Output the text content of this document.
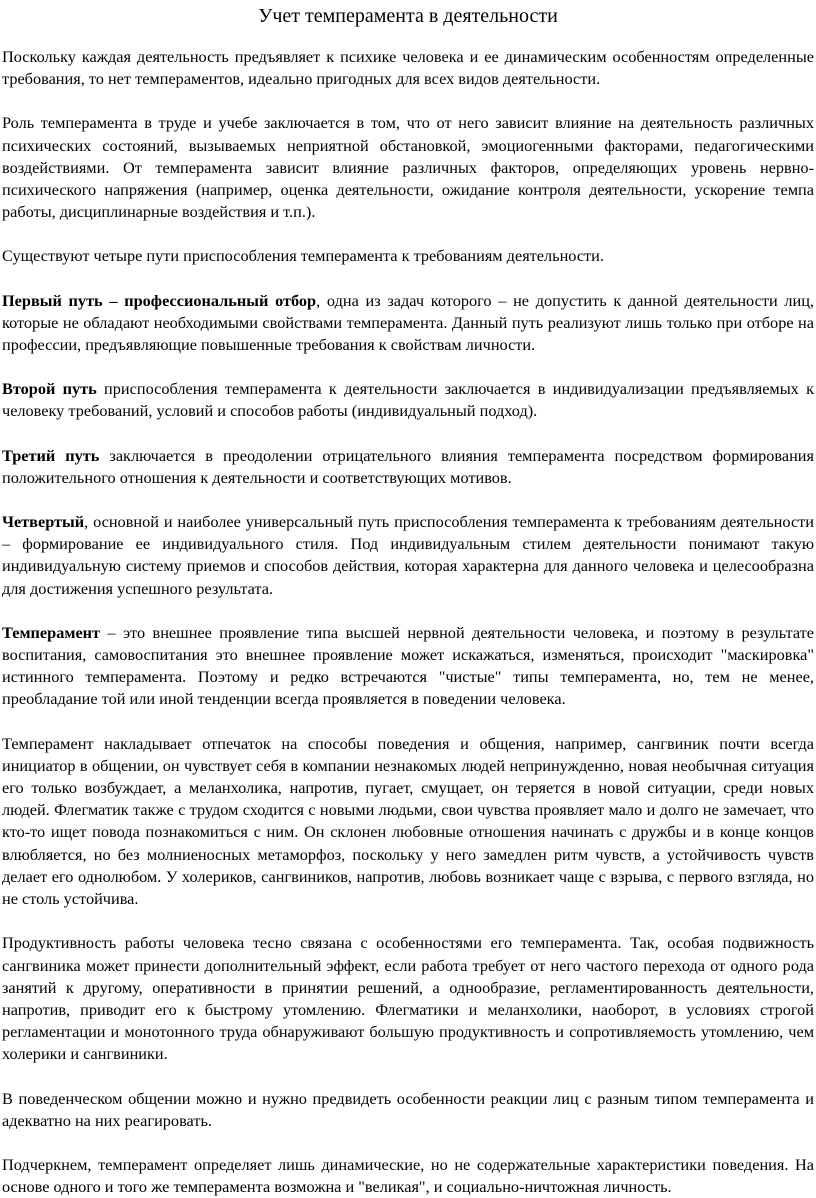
Учет темперамента в деятельности

Поскольку каждая деятельность предъявляет к психике человека и ее динамическим особенностям определенные требования, то нет темпераментов, идеально пригодных для всех видов деятельности.

Роль темперамента в труде и учебе заключается в том, что от него зависит влияние на деятельность различных психических состояний, вызываемых неприятной обстановкой, эмоциогенными факторами, педагогическими воздействиями. От темперамента зависит влияние различных факторов, определяющих уровень нервно-психического напряжения (например, оценка деятельности, ожидание контроля деятельности, ускорение темпа работы, дисциплинарные воздействия и т.п.).

Существуют четыре пути приспособления темперамента к требованиям деятельности.

Первый путь – профессиональный отбор, одна из задач которого – не допустить к данной деятельности лиц, которые не обладают необходимыми свойствами темперамента. Данный путь реализуют лишь только при отборе на профессии, предъявляющие повышенные требования к свойствам личности.

Второй путь приспособления темперамента к деятельности заключается в индивидуализации предъявляемых к человеку требований, условий и способов работы (индивидуальный подход).

Третий путь заключается в преодолении отрицательного влияния темперамента посредством формирования положительного отношения к деятельности и соответствующих мотивов.

Четвертый, основной и наиболее универсальный путь приспособления темперамента к требованиям деятельности – формирование ее индивидуального стиля. Под индивидуальным стилем деятельности понимают такую индивидуальную систему приемов и способов действия, которая характерна для данного человека и целесообразна для достижения успешного результата.

Темперамент – это внешнее проявление типа высшей нервной деятельности человека, и поэтому в результате воспитания, самовоспитания это внешнее проявление может искажаться, изменяться, происходит "маскировка" истинного темперамента. Поэтому и редко встречаются "чистые" типы темперамента, но, тем не менее, преобладание той или иной тенденции всегда проявляется в поведении человека.

Темперамент накладывает отпечаток на способы поведения и общения, например, сангвиник почти всегда инициатор в общении, он чувствует себя в компании незнакомых людей непринужденно, новая необычная ситуация его только возбуждает, а меланхолика, напротив, пугает, смущает, он теряется в новой ситуации, среди новых людей. Флегматик также с трудом сходится с новыми людьми, свои чувства проявляет мало и долго не замечает, что кто-то ищет повода познакомиться с ним. Он склонен любовные отношения начинать с дружбы и в конце концов влюбляется, но без молниеносных метаморфоз, поскольку у него замедлен ритм чувств, а устойчивость чувств делает его однолюбом. У холериков, сангвиников, напротив, любовь возникает чаще с взрыва, с первого взгляда, но не столь устойчива.

Продуктивность работы человека тесно связана с особенностями его темперамента. Так, особая подвижность сангвиника может принести дополнительный эффект, если работа требует от него частого перехода от одного рода занятий к другому, оперативности в принятии решений, а однообразие, регламентированность деятельности, напротив, приводит его к быстрому утомлению. Флегматики и меланхолики, наоборот, в условиях строгой регламентации и монотонного труда обнаруживают большую продуктивность и сопротивляемость утомлению, чем холерики и сангвиники.

В поведенческом общении можно и нужно предвидеть особенности реакции лиц с разным типом темперамента и адекватно на них реагировать.

Подчеркнем, темперамент определяет лишь динамические, но не содержательные характеристики поведения. На основе одного и того же темперамента возможна и "великая", и социально-ничтожная личность.
